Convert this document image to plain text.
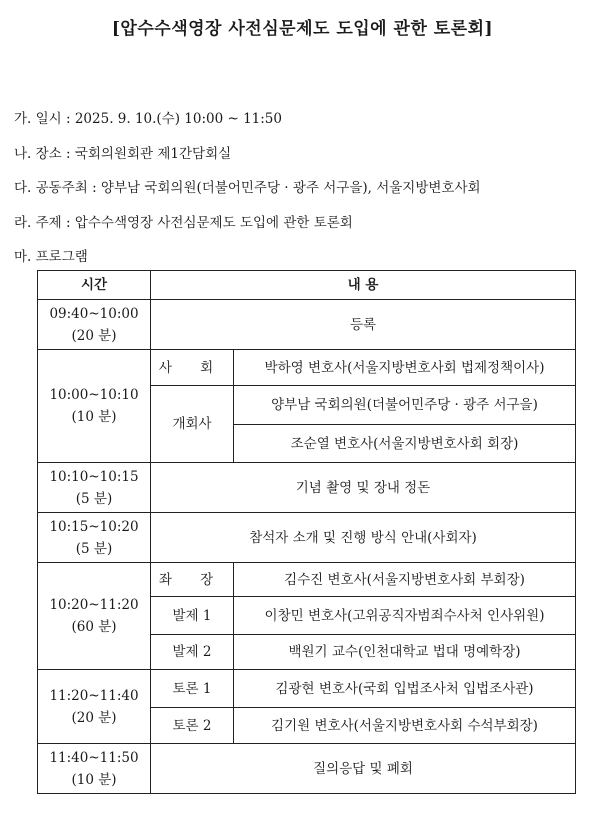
[압수수색영장 사전심문제도 도입에 관한 토론회]
가. 일시 : 2025. 9. 10.(수) 10:00 ~ 11:50
나. 장소 : 국회의원회관 제1간담회실
다. 공동주최 : 양부남 국회의원(더불어민주당 · 광주 서구을), 서울지방변호사회
라. 주제 : 압수수색영장 사전심문제도 도입에 관한 토론회
마. 프로그램
시간	내 용	

09:40~10:00
(20 분)	등록	

10:00~10:10
(10 분)	사 회	박하영 변호사(서울지방변호사회 법제정책이사)
	개회사	양부남 국회의원(더불어민주당 · 광주 서구을)
		조순열 변호사(서울지방변호사회 회장)

10:10~10:15
(5 분)	기념 촬영 및 장내 정돈	

10:15~10:20
(5 분)	참석자 소개 및 진행 방식 안내(사회자)	

10:20~11:20
(60 분)	좌 장	김수진 변호사(서울지방변호사회 부회장)
	발제 1	이창민 변호사(고위공직자범죄수사처 인사위원)
	발제 2	백원기 교수(인천대학교 법대 명예학장)

11:20~11:40
(20 분)	토론 1	김광현 변호사(국회 입법조사처 입법조사관)
	토론 2	김기원 변호사(서울지방변호사회 수석부회장)

11:40~11:50
(10 분)	질의응답 및 폐회	
